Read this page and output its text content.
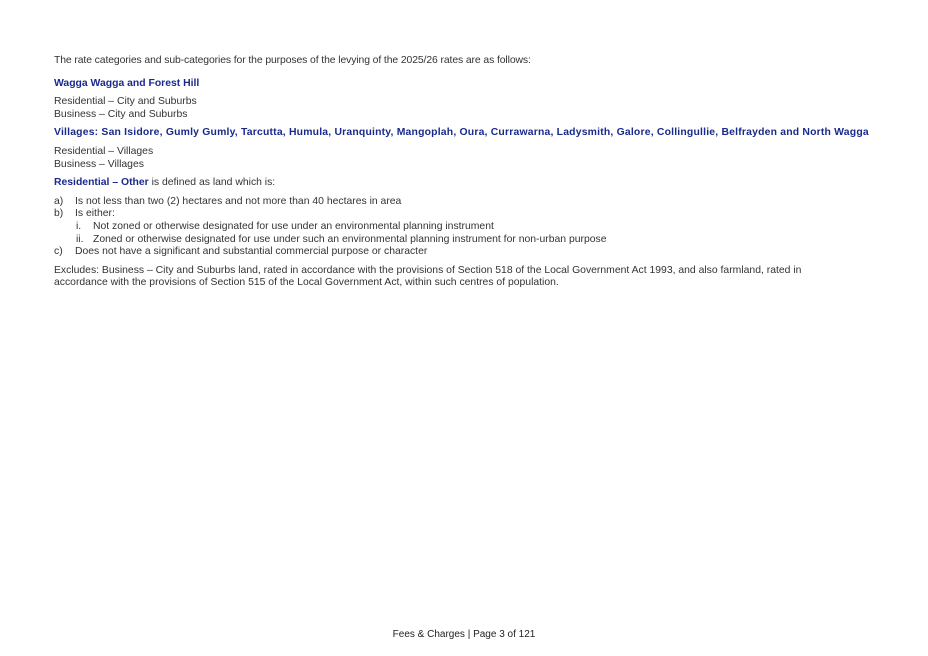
The rate categories and sub-categories for the purposes of the levying of the 2025/26 rates are as follows:

Wagga Wagga and Forest Hill

Residential – City and Suburbs
Business – City and Suburbs

Villages: San Isidore, Gumly Gumly, Tarcutta, Humula, Uranquinty, Mangoplah, Oura, Currawarna, Ladysmith, Galore, Collingullie, Belfrayden and North Wagga

Residential – Villages
Business – Villages

Residential – Other is defined as land which is:

a)	Is not less than two (2) hectares and not more than 40 hectares in area
b)	Is either:
i.	Not zoned or otherwise designated for use under an environmental planning instrument
ii. Zoned or otherwise designated for use under such an environmental planning instrument for non-urban purpose
c)	Does not have a significant and substantial commercial purpose or character

Excludes: Business – City and Suburbs land, rated in accordance with the provisions of Section 518 of the Local Government Act 1993, and also farmland, rated in accordance with the provisions of Section 515 of the Local Government Act, within such centres of population.

Fees & Charges | Page 3 of 121
